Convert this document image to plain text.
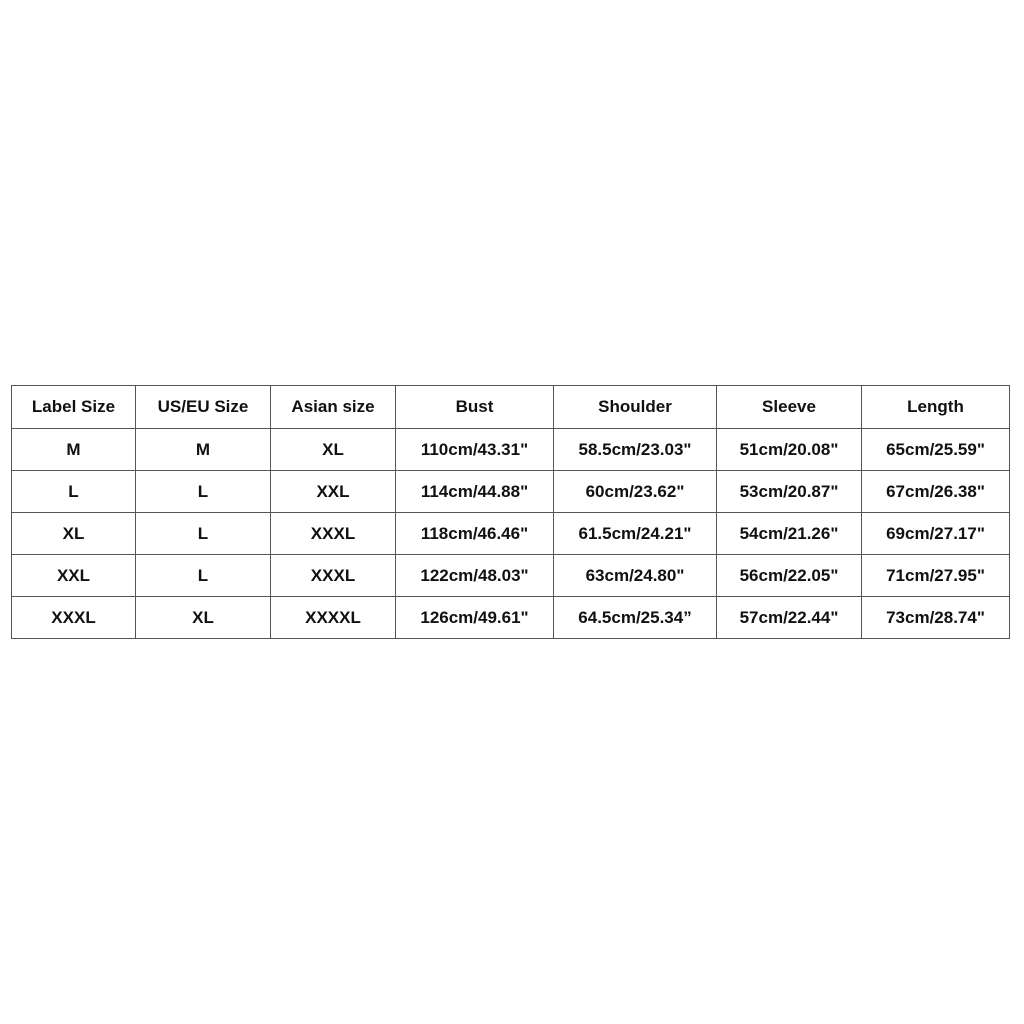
Label Size	US/EU Size	Asian size	Bust	Shoulder	Sleeve	Length
M	M	XL	110cm/43.31"	58.5cm/23.03"	51cm/20.08"	65cm/25.59"
L	L	XXL	114cm/44.88"	60cm/23.62"	53cm/20.87"	67cm/26.38"
XL	L	XXXL	118cm/46.46"	61.5cm/24.21"	54cm/21.26"	69cm/27.17"
XXL	L	XXXL	122cm/48.03"	63cm/24.80"	56cm/22.05"	71cm/27.95"
XXXL	XL	XXXXL	126cm/49.61"	64.5cm/25.34”	57cm/22.44"	73cm/28.74"
